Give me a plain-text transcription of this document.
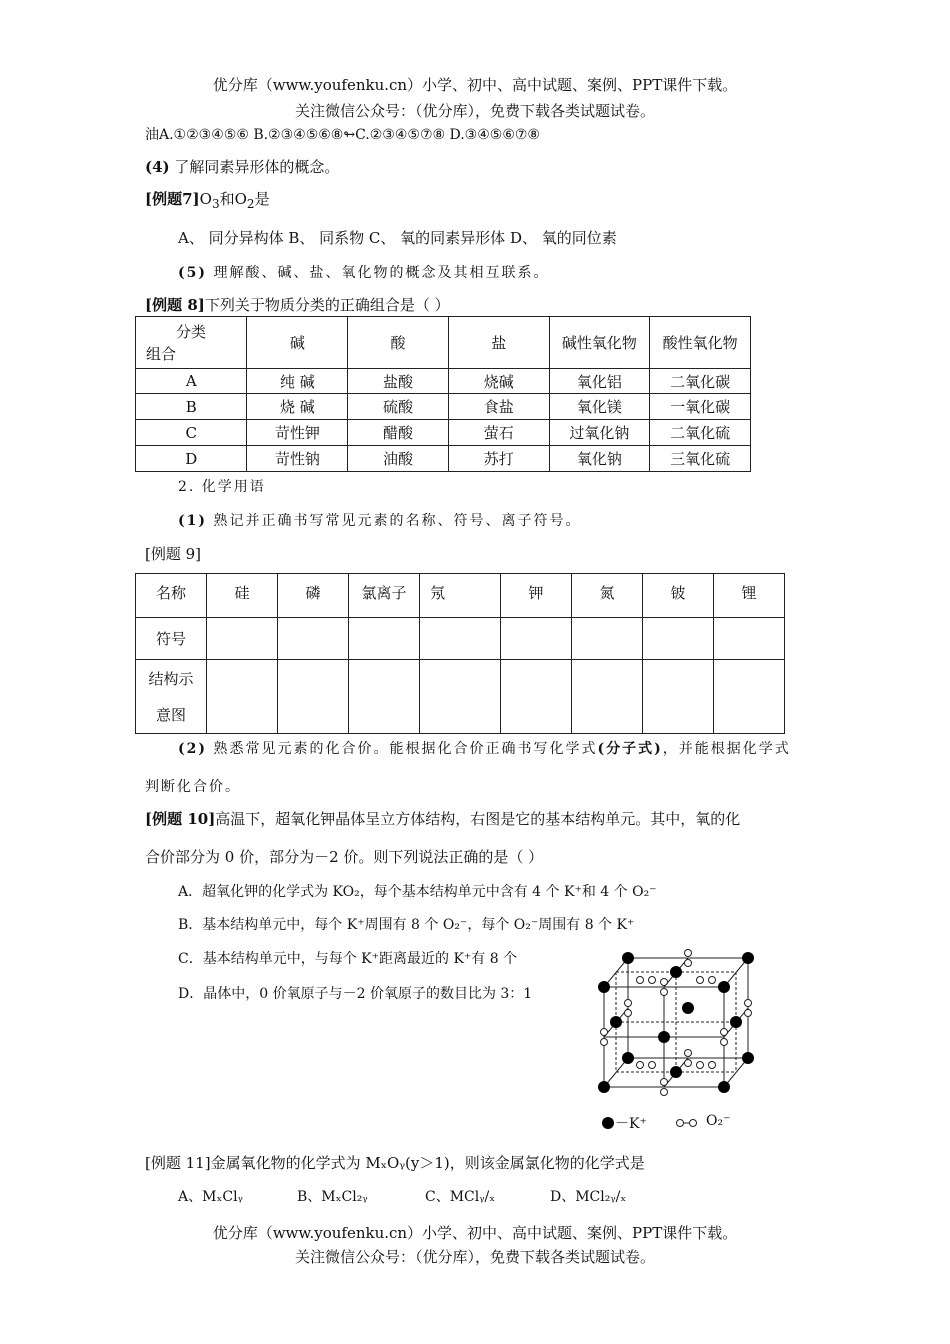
优分库（www.youfenku.cn）小学、初中、高中试题、案例、PPT课件下载。
关注微信公众号：（优分库），免费下载各类试题试卷。
油A.①②③④⑤⑥ B.②③④⑤⑥⑧↬C.②③④⑤⑦⑧ D.③④⑤⑥⑦⑧
(4) 了解同素异形体的概念。
[例题$7]O_3$和$O_2$是
A、 同分异构体 B、 同系物 C、 氧的同素异形体 D、 氧的同位素
(5) 理解酸、碱、盐、氧化物的概念及其相互联系。
[例题 8]下列关于物质分类的正确组合是（ ）
分类
组合	碱	酸	盐	碱性氧化物	酸性氧化物
A	纯 碱	盐酸	烧碱	氧化铝	二氧化碳
B	烧 碱	硫酸	食盐	氧化镁	一氧化碳
C	苛性钾	醋酸	萤石	过氧化钠	二氧化硫
D	苛性钠	油酸	苏打	氧化钠	三氧化硫
2. 化学用语
(1) 熟记并正确书写常见元素的名称、符号、离子符号。
[例题 9]
名称	硅	磷	氯离子	氖	钾	氮	铍	锂
符号								

结构示
意图								

(2) 熟悉常见元素的化合价。能根据化合价正确书写化学式(分子式)，并能根据化学式
判断化合价。
[例题 10]高温下，超氧化钾晶体呈立方体结构，右图是它的基本结构单元。其中，氧的化
合价部分为 0 价，部分为－2 价。则下列说法正确的是（ ）
A．超氧化钾的化学式为 KO₂，每个基本结构单元中含有 4 个 K⁺和 4 个 O₂⁻
B．基本结构单元中，每个 K⁺周围有 8 个 O₂⁻，每个 O₂⁻周围有 8 个 K⁺
C．基本结构单元中，与每个 K⁺距离最近的 K⁺有 8 个
D．晶体中，0 价氧原子与－2 价氧原子的数目比为 3：1
－K⁺	O₂⁻
[例题 11]金属氧化物的化学式为 MₓOᵧ(y＞1)，则该金属氯化物的化学式是
A、MₓClᵧ	B、MₓCl₂ᵧ	C、MClᵧ/ₓ	D、MCl₂ᵧ/ₓ
优分库（www.youfenku.cn）小学、初中、高中试题、案例、PPT课件下载。
关注微信公众号：（优分库），免费下载各类试题试卷。
